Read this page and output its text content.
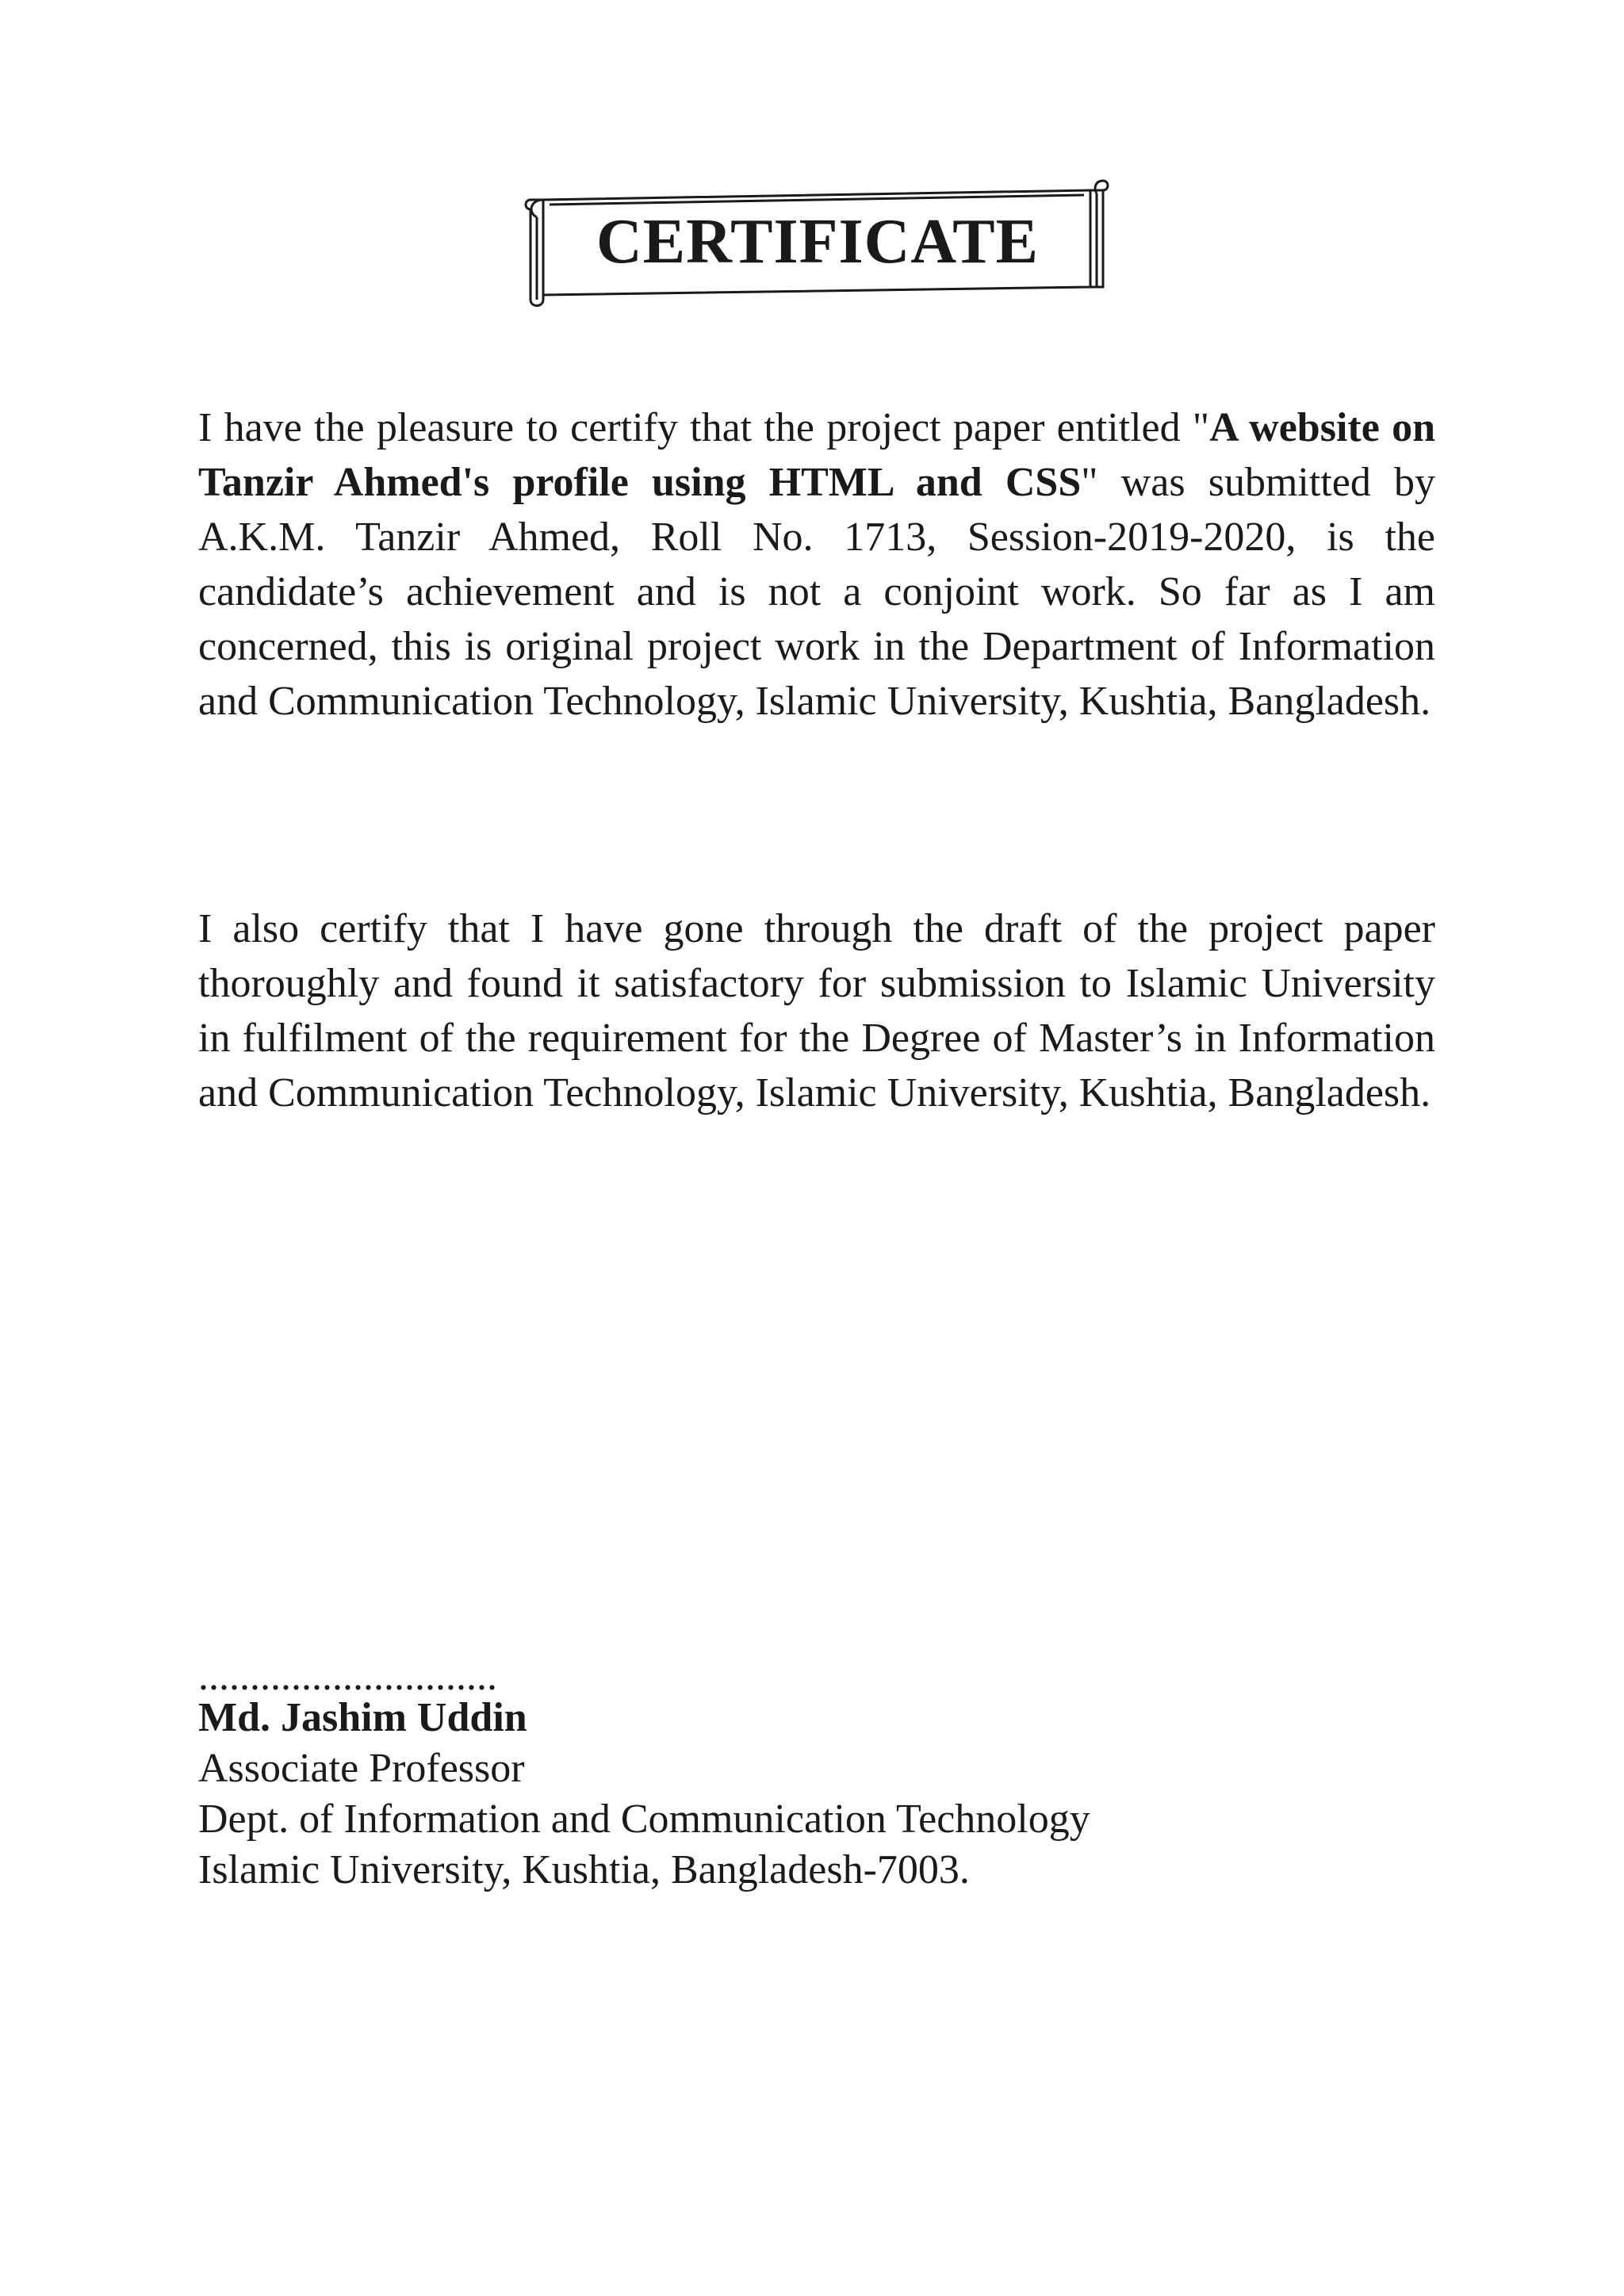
CERTIFICATE

I have the pleasure to certify that the project paper entitled "A website on Tanzir Ahmed's profile using HTML and CSS" was submitted by A.K.M. Tanzir Ahmed, Roll No. 1713, Session-2019-2020, is the candidate’s achievement and is not a conjoint work. So far as I am concerned, this is original project work in the Department of Information and Communication Technology, Islamic University, Kushtia, Bangladesh.

I also certify that I have gone through the draft of the project paper thoroughly and found it satisfactory for submission to Islamic University in fulfilment of the requirement for the Degree of Master’s in Information and Communication Technology, Islamic University, Kushtia, Bangladesh.

.............................
Md. Jashim Uddin
Associate Professor
Dept. of Information and Communication Technology
Islamic University, Kushtia, Bangladesh-7003.
